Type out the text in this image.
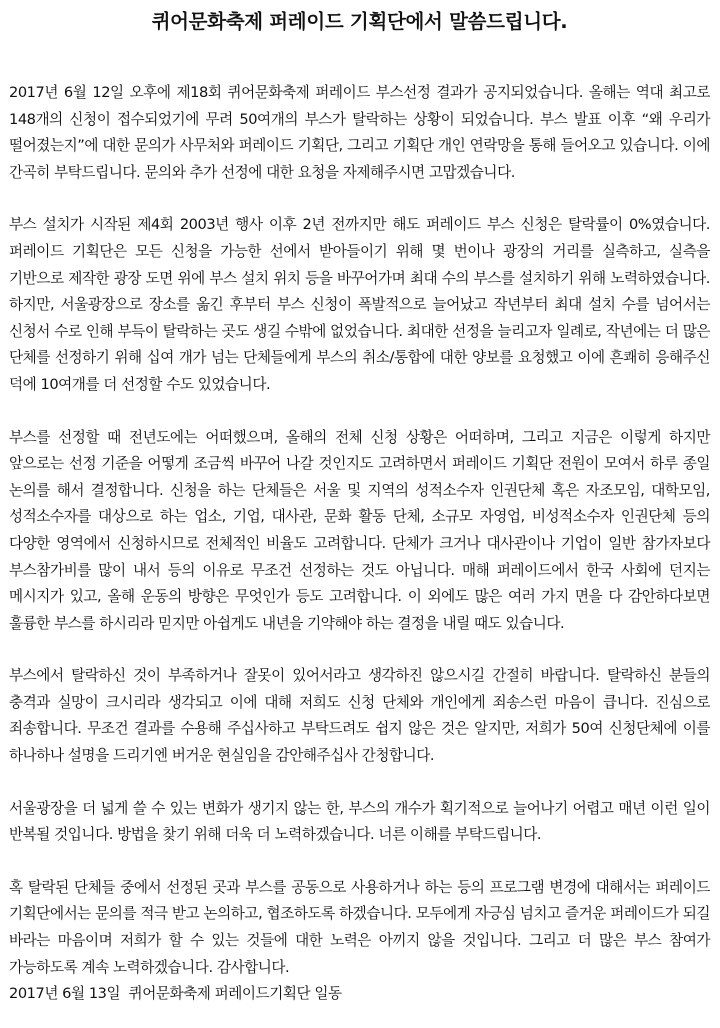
퀴어문화축제 퍼레이드 기획단에서 말씀드립니다.

2017년 6월 12일 오후에 제18회 퀴어문화축제 퍼레이드 부스선정 결과가 공지되었습니다. 올해는 역대 최고로 148개의 신청이 접수되었기에 무려 50여개의 부스가 탈락하는 상황이 되었습니다. 부스 발표 이후 “왜 우리가 떨어졌는지”에 대한 문의가 사무처와 퍼레이드 기획단, 그리고 기획단 개인 연락망을 통해 들어오고 있습니다. 이에 간곡히 부탁드립니다. 문의와 추가 선정에 대한 요청을 자제해주시면 고맙겠습니다.

부스 설치가 시작된 제4회 2003년 행사 이후 2년 전까지만 해도 퍼레이드 부스 신청은 탈락률이 0%였습니다. 퍼레이드 기획단은 모든 신청을 가능한 선에서 받아들이기 위해 몇 번이나 광장의 거리를 실측하고, 실측을 기반으로 제작한 광장 도면 위에 부스 설치 위치 등을 바꾸어가며 최대 수의 부스를 설치하기 위해 노력하였습니다. 하지만, 서울광장으로 장소를 옮긴 후부터 부스 신청이 폭발적으로 늘어났고 작년부터 최대 설치 수를 넘어서는 신청서 수로 인해 부득이 탈락하는 곳도 생길 수밖에 없었습니다. 최대한 선정을 늘리고자 일례로, 작년에는 더 많은 단체를 선정하기 위해 십여 개가 넘는 단체들에게 부스의 취소/통합에 대한 양보를 요청했고 이에 흔쾌히 응해주신 덕에 10여개를 더 선정할 수도 있었습니다.

부스를 선정할 때 전년도에는 어떠했으며, 올해의 전체 신청 상황은 어떠하며, 그리고 지금은 이렇게 하지만 앞으로는 선정 기준을 어떻게 조금씩 바꾸어 나갈 것인지도 고려하면서 퍼레이드 기획단 전원이 모여서 하루 종일 논의를 해서 결정합니다. 신청을 하는 단체들은 서울 및 지역의 성적소수자 인권단체 혹은 자조모임, 대학모임, 성적소수자를 대상으로 하는 업소, 기업, 대사관, 문화 활동 단체, 소규모 자영업, 비성적소수자 인권단체 등의 다양한 영역에서 신청하시므로 전체적인 비율도 고려합니다. 단체가 크거나 대사관이나 기업이 일반 참가자보다 부스참가비를 많이 내서 등의 이유로 무조건 선정하는 것도 아닙니다. 매해 퍼레이드에서 한국 사회에 던지는 메시지가 있고, 올해 운동의 방향은 무엇인가 등도 고려합니다. 이 외에도 많은 여러 가지 면을 다 감안하다보면 훌륭한 부스를 하시리라 믿지만 아쉽게도 내년을 기약해야 하는 결정을 내릴 때도 있습니다.

부스에서 탈락하신 것이 부족하거나 잘못이 있어서라고 생각하진 않으시길 간절히 바랍니다. 탈락하신 분들의 충격과 실망이 크시리라 생각되고 이에 대해 저희도 신청 단체와 개인에게 죄송스런 마음이 큽니다. 진심으로 죄송합니다. 무조건 결과를 수용해 주십사하고 부탁드려도 쉽지 않은 것은 알지만, 저희가 50여 신청단체에 이를 하나하나 설명을 드리기엔 버거운 현실임을 감안해주십사 간청합니다.

서울광장을 더 넓게 쓸 수 있는 변화가 생기지 않는 한, 부스의 개수가 획기적으로 늘어나기 어렵고 매년 이런 일이 반복될 것입니다. 방법을 찾기 위해 더욱 더 노력하겠습니다. 너른 이해를 부탁드립니다.

혹 탈락된 단체들 중에서 선정된 곳과 부스를 공동으로 사용하거나 하는 등의 프로그램 변경에 대해서는 퍼레이드 기획단에서는 문의를 적극 받고 논의하고, 협조하도록 하겠습니다. 모두에게 자긍심 넘치고 즐거운 퍼레이드가 되길 바라는 마음이며 저희가 할 수 있는 것들에 대한 노력은 아끼지 않을 것입니다. 그리고 더 많은 부스 참여가 가능하도록 계속 노력하겠습니다. 감사합니다.

2017년 6월 13일  퀴어문화축제 퍼레이드기획단 일동
